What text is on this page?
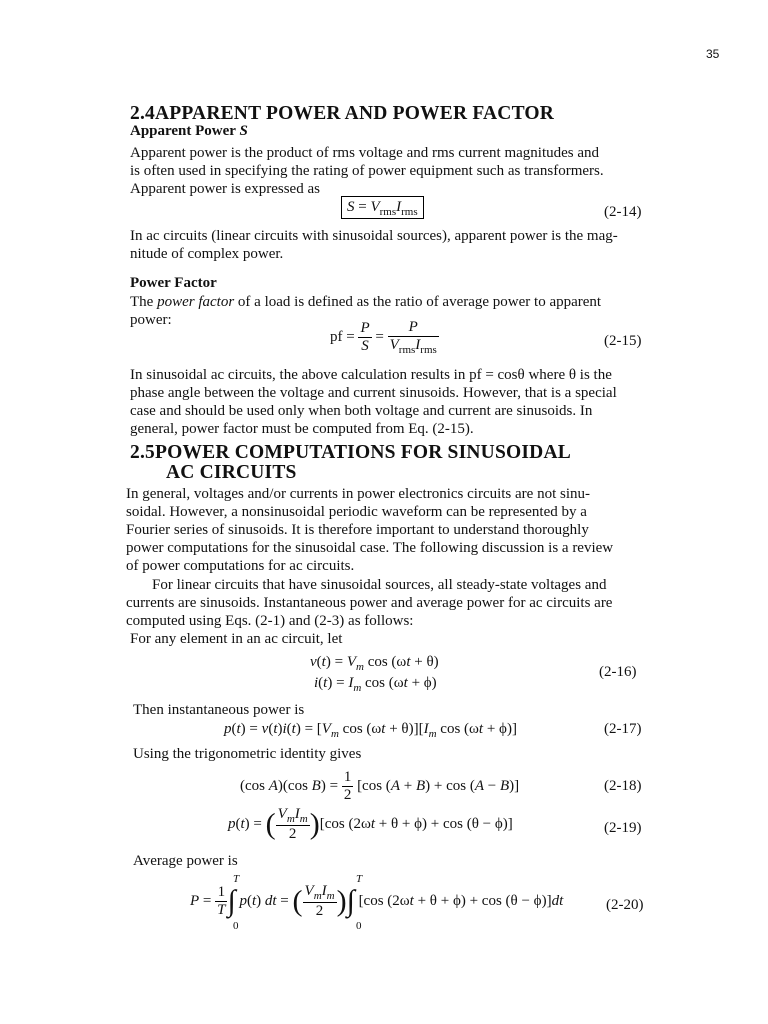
35
2.4APPARENT POWER AND POWER FACTOR
Apparent Power S
Apparent power is the product of rms voltage and rms current magnitudes and
is often used in specifying the rating of power equipment such as transformers.
Apparent power is expressed as
$S = V_{rms}I_{rms}$	(2-14)
In ac circuits (linear circuits with sinusoidal sources), apparent power is the mag-
nitude of complex power.
Power Factor
The power factor of a load is defined as the ratio of average power to apparent
power:
pf = $\frac{P}{S} = \frac{P}{V_{rms}I_{rms}}$	(2-15)
In sinusoidal ac circuits, the above calculation results in pf = cosθ where θ is the
phase angle between the voltage and current sinusoids. However, that is a special
case and should be used only when both voltage and current are sinusoids. In
general, power factor must be computed from Eq. (2-15).
2.5POWER COMPUTATIONS FOR SINUSOIDAL
AC CIRCUITS
In general, voltages and/or currents in power electronics circuits are not sinu-
soidal. However, a nonsinusoidal periodic waveform can be represented by a
Fourier series of sinusoids. It is therefore important to understand thoroughly
power computations for the sinusoidal case. The following discussion is a review
of power computations for ac circuits.
For linear circuits that have sinusoidal sources, all steady-state voltages and
currents are sinusoids. Instantaneous power and average power for ac circuits are
computed using Eqs. (2-1) and (2-3) as follows:
For any element in an ac circuit, let
$v(t) = V_m$ cos (ωt + θ)
$i(t) = I_m$ cos (ωt + ϕ)
(2-16)
Then instantaneous power is
$p(t) = v(t)i(t) = [V_m$ $\cos (\omega t + \theta)][I_m$ cos (ωt + ϕ)]	(2-17)
Using the trigonometric identity gives
(cos A)(cos $B) = \frac{1}{2} [\cos$ (A + B) + cos (A − B)]	(2-18)
p(t) = ( $\frac{V_mI_m}{2} )[\cos$ (2ωt + θ + ϕ) + cos (θ − ϕ)]	(2-19)
Average power is
T	T
$P = \frac{1}{T}$ ∫ p(t) dt = ( $\frac{V_mI_m}{2}$ )∫ [cos (2ωt + θ + ϕ) + cos (θ − ϕ)]dt
0	0
(2-20)
